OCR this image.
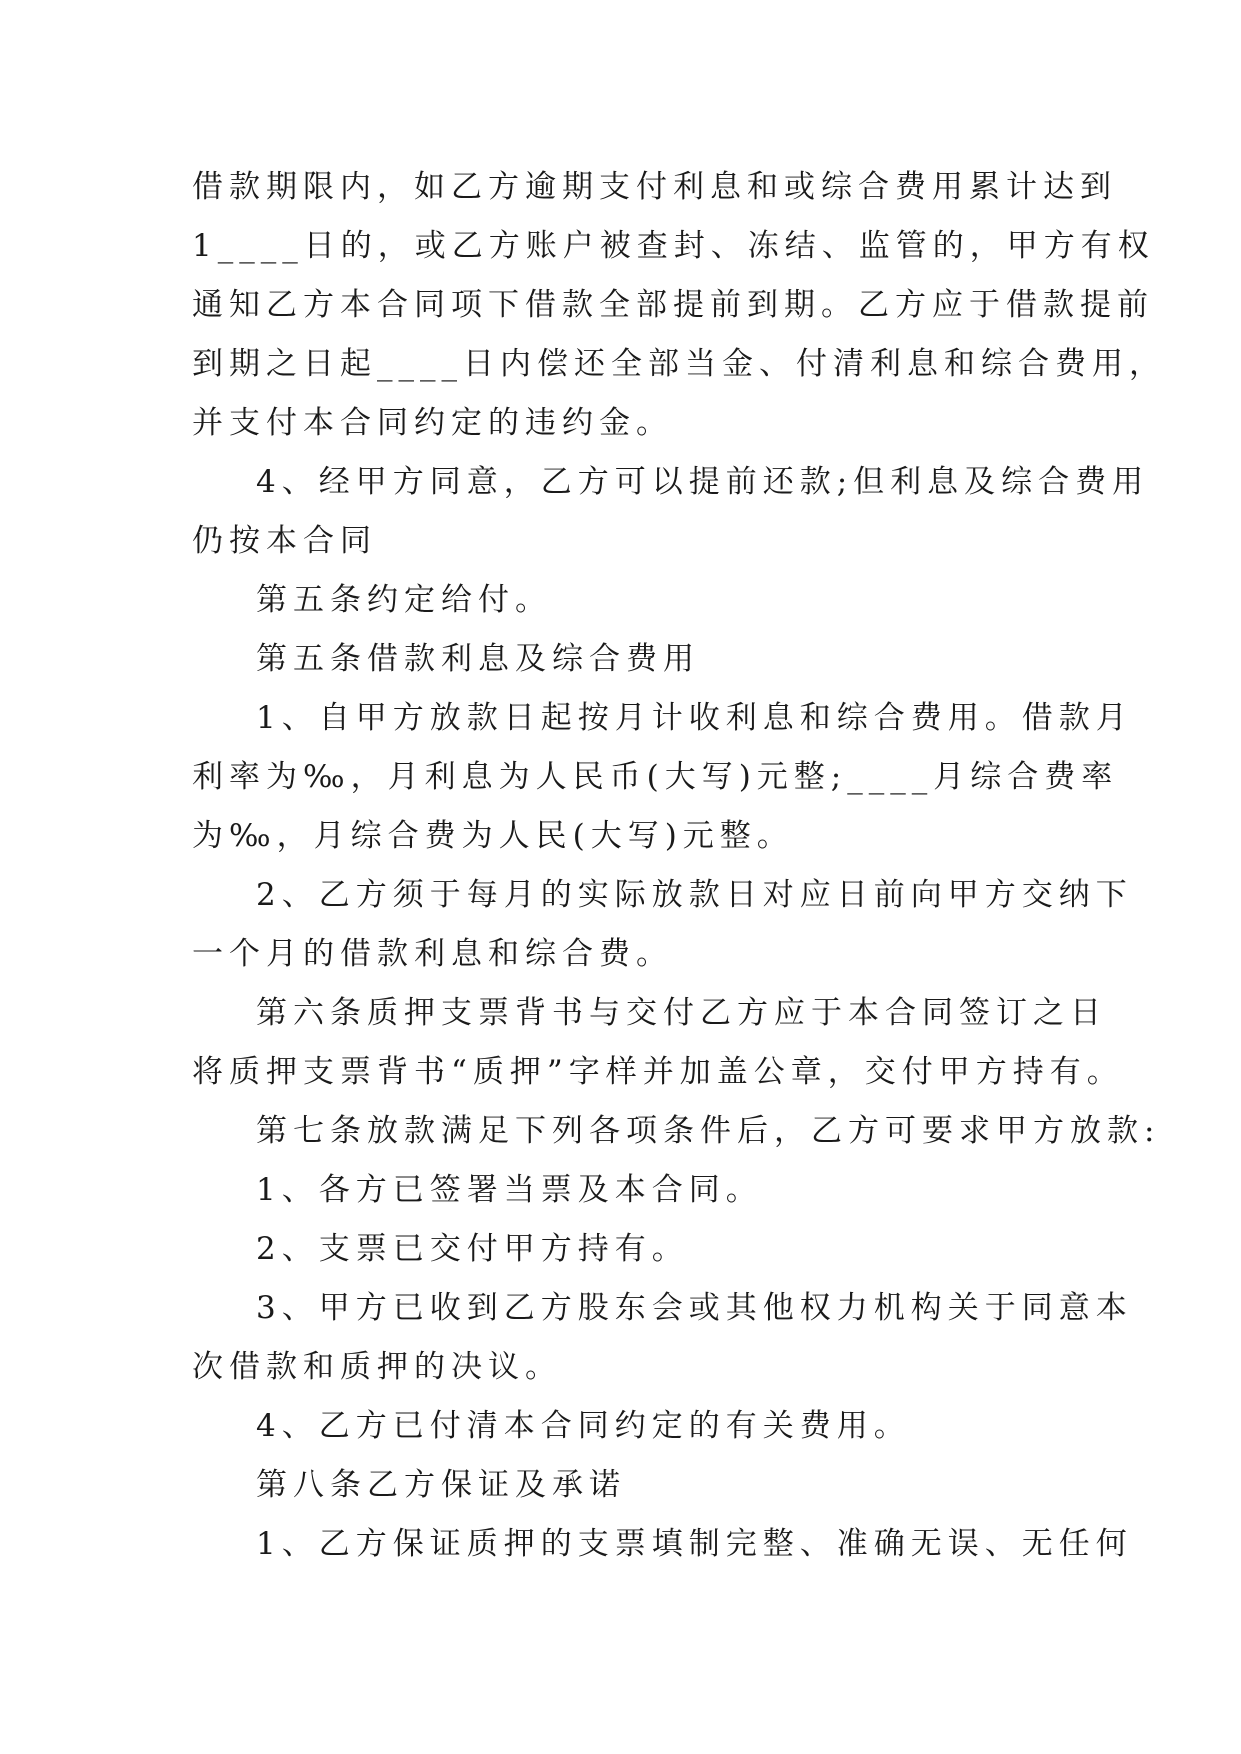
借款期限内，如乙方逾期支付利息和或综合费用累计达到
1____日的，或乙方账户被查封、冻结、监管的，甲方有权
通知乙方本合同项下借款全部提前到期。乙方应于借款提前
到期之日起____日内偿还全部当金、付清利息和综合费用，
并支付本合同约定的违约金。
4、经甲方同意，乙方可以提前还款;但利息及综合费用
仍按本合同
第五条约定给付。
第五条借款利息及综合费用
1、自甲方放款日起按月计收利息和综合费用。借款月
利率为‰，月利息为人民币(大写)元整;____月综合费率
为‰，月综合费为人民(大写)元整。
2、乙方须于每月的实际放款日对应日前向甲方交纳下
一个月的借款利息和综合费。
第六条质押支票背书与交付乙方应于本合同签订之日
将质押支票背书“质押”字样并加盖公章，交付甲方持有。
第七条放款满足下列各项条件后，乙方可要求甲方放款:
1、各方已签署当票及本合同。
2、支票已交付甲方持有。
3、甲方已收到乙方股东会或其他权力机构关于同意本
次借款和质押的决议。
4、乙方已付清本合同约定的有关费用。
第八条乙方保证及承诺
1、乙方保证质押的支票填制完整、准确无误、无任何
